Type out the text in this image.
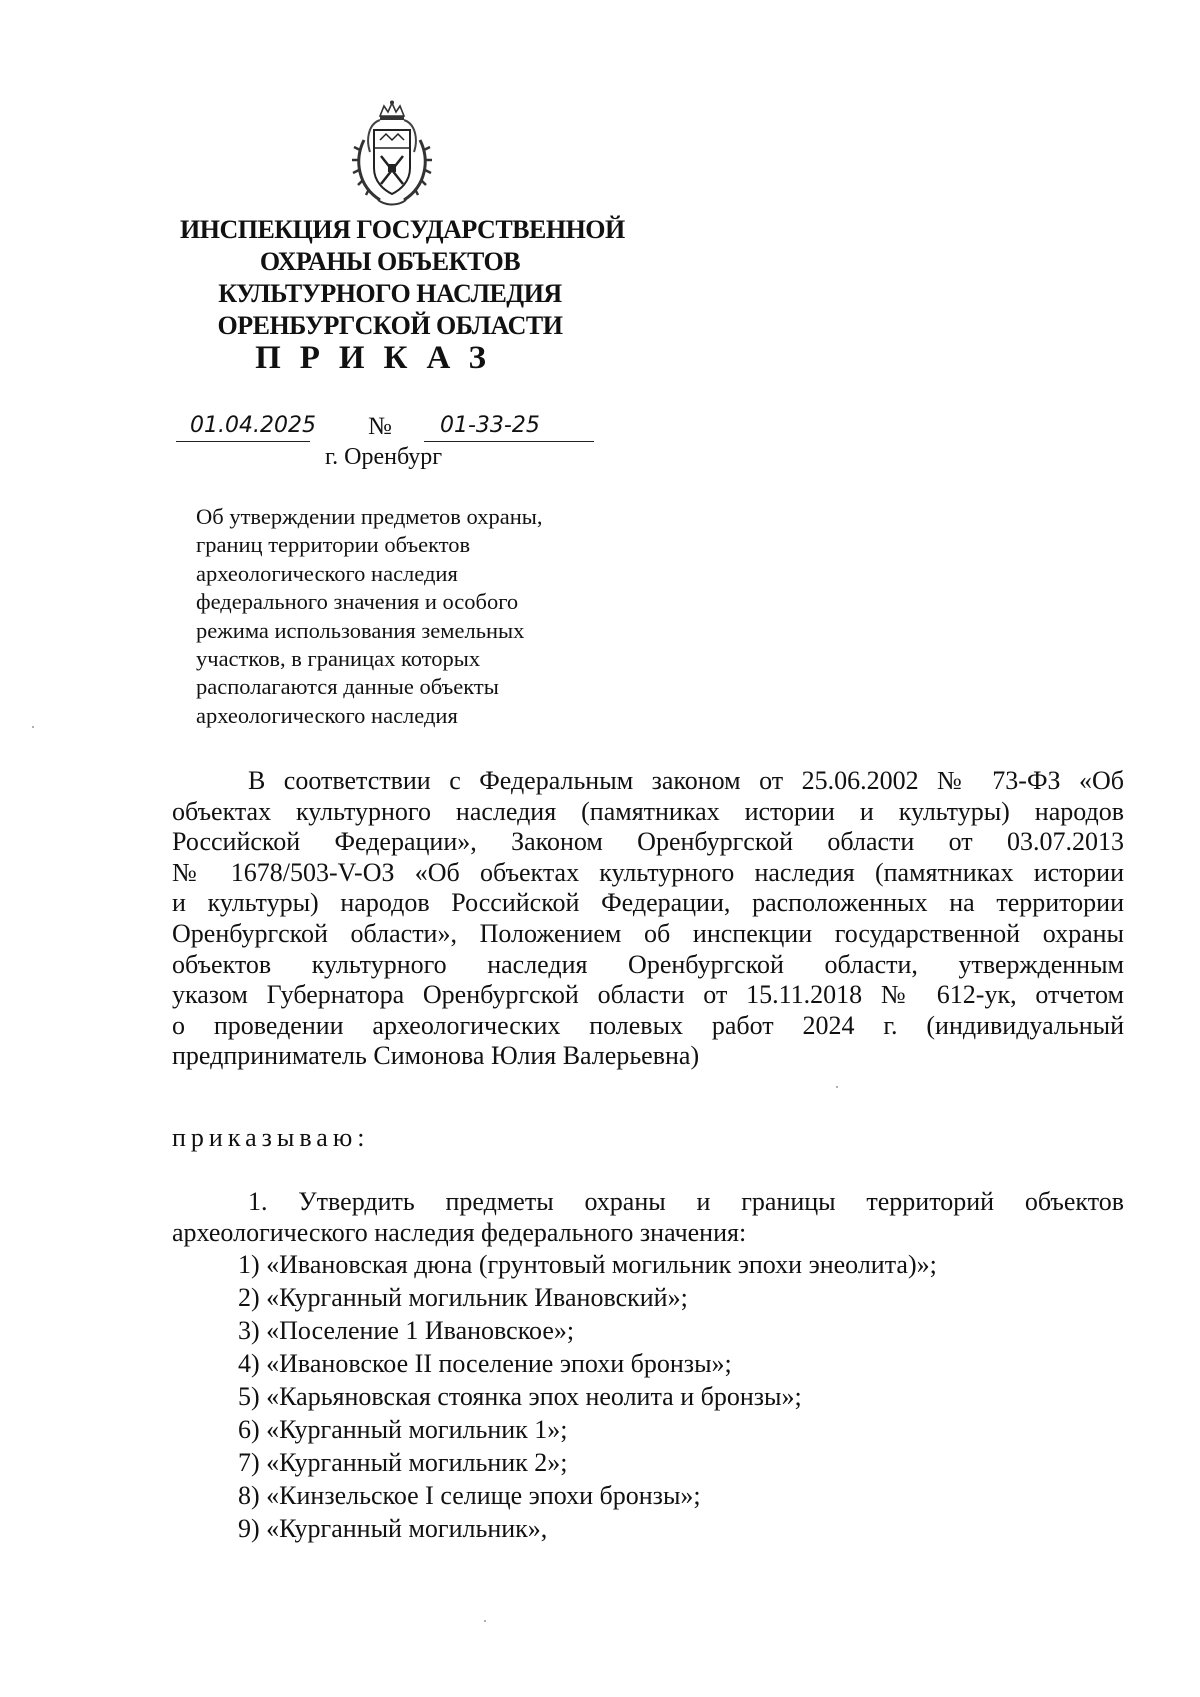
ИНСПЕКЦИЯ ГОСУДАРСТВЕННОЙ
ОХРАНЫ ОБЪЕКТОВ
КУЛЬТУРНОГО НАСЛЕДИЯ
ОРЕНБУРГСКОЙ ОБЛАСТИ
ПРИКАЗ
01.04.2025 №	01-33-25
г. Оренбург
Об утверждении предметов охраны,
границ территории объектов
археологического наследия
федерального значения и особого
режима использования земельных
участков, в границах которых
располагаются данные объекты
археологического наследия
В соответствии с Федеральным законом от 25.06.2002 № 73-ФЗ «Об
объектах культурного наследия (памятниках истории и культуры) народов
Российской Федерации», Законом Оренбургской области от 03.07.2013
№ 1678/503-V-ОЗ «Об объектах культурного наследия (памятниках истории
и культуры) народов Российской Федерации, расположенных на территории
Оренбургской области», Положением об инспекции государственной охраны
объектов культурного наследия Оренбургской области, утвержденным
указом Губернатора Оренбургской области от 15.11.2018 № 612-ук, отчетом
о проведении археологических полевых работ 2024 г. (индивидуальный
предприниматель Симонова Юлия Валерьевна)
приказываю:
1. Утвердить предметы охраны и границы территорий объектов
археологического наследия федерального значения:
1) «Ивановская дюна (грунтовый могильник эпохи энеолита)»;
2) «Курганный могильник Ивановский»;
3) «Поселение 1 Ивановское»;
4) «Ивановское II поселение эпохи бронзы»;
5) «Карьяновская стоянка эпох неолита и бронзы»;
6) «Курганный могильник 1»;
7) «Курганный могильник 2»;
8) «Кинзельское I селище эпохи бронзы»;
9) «Курганный могильник»,
